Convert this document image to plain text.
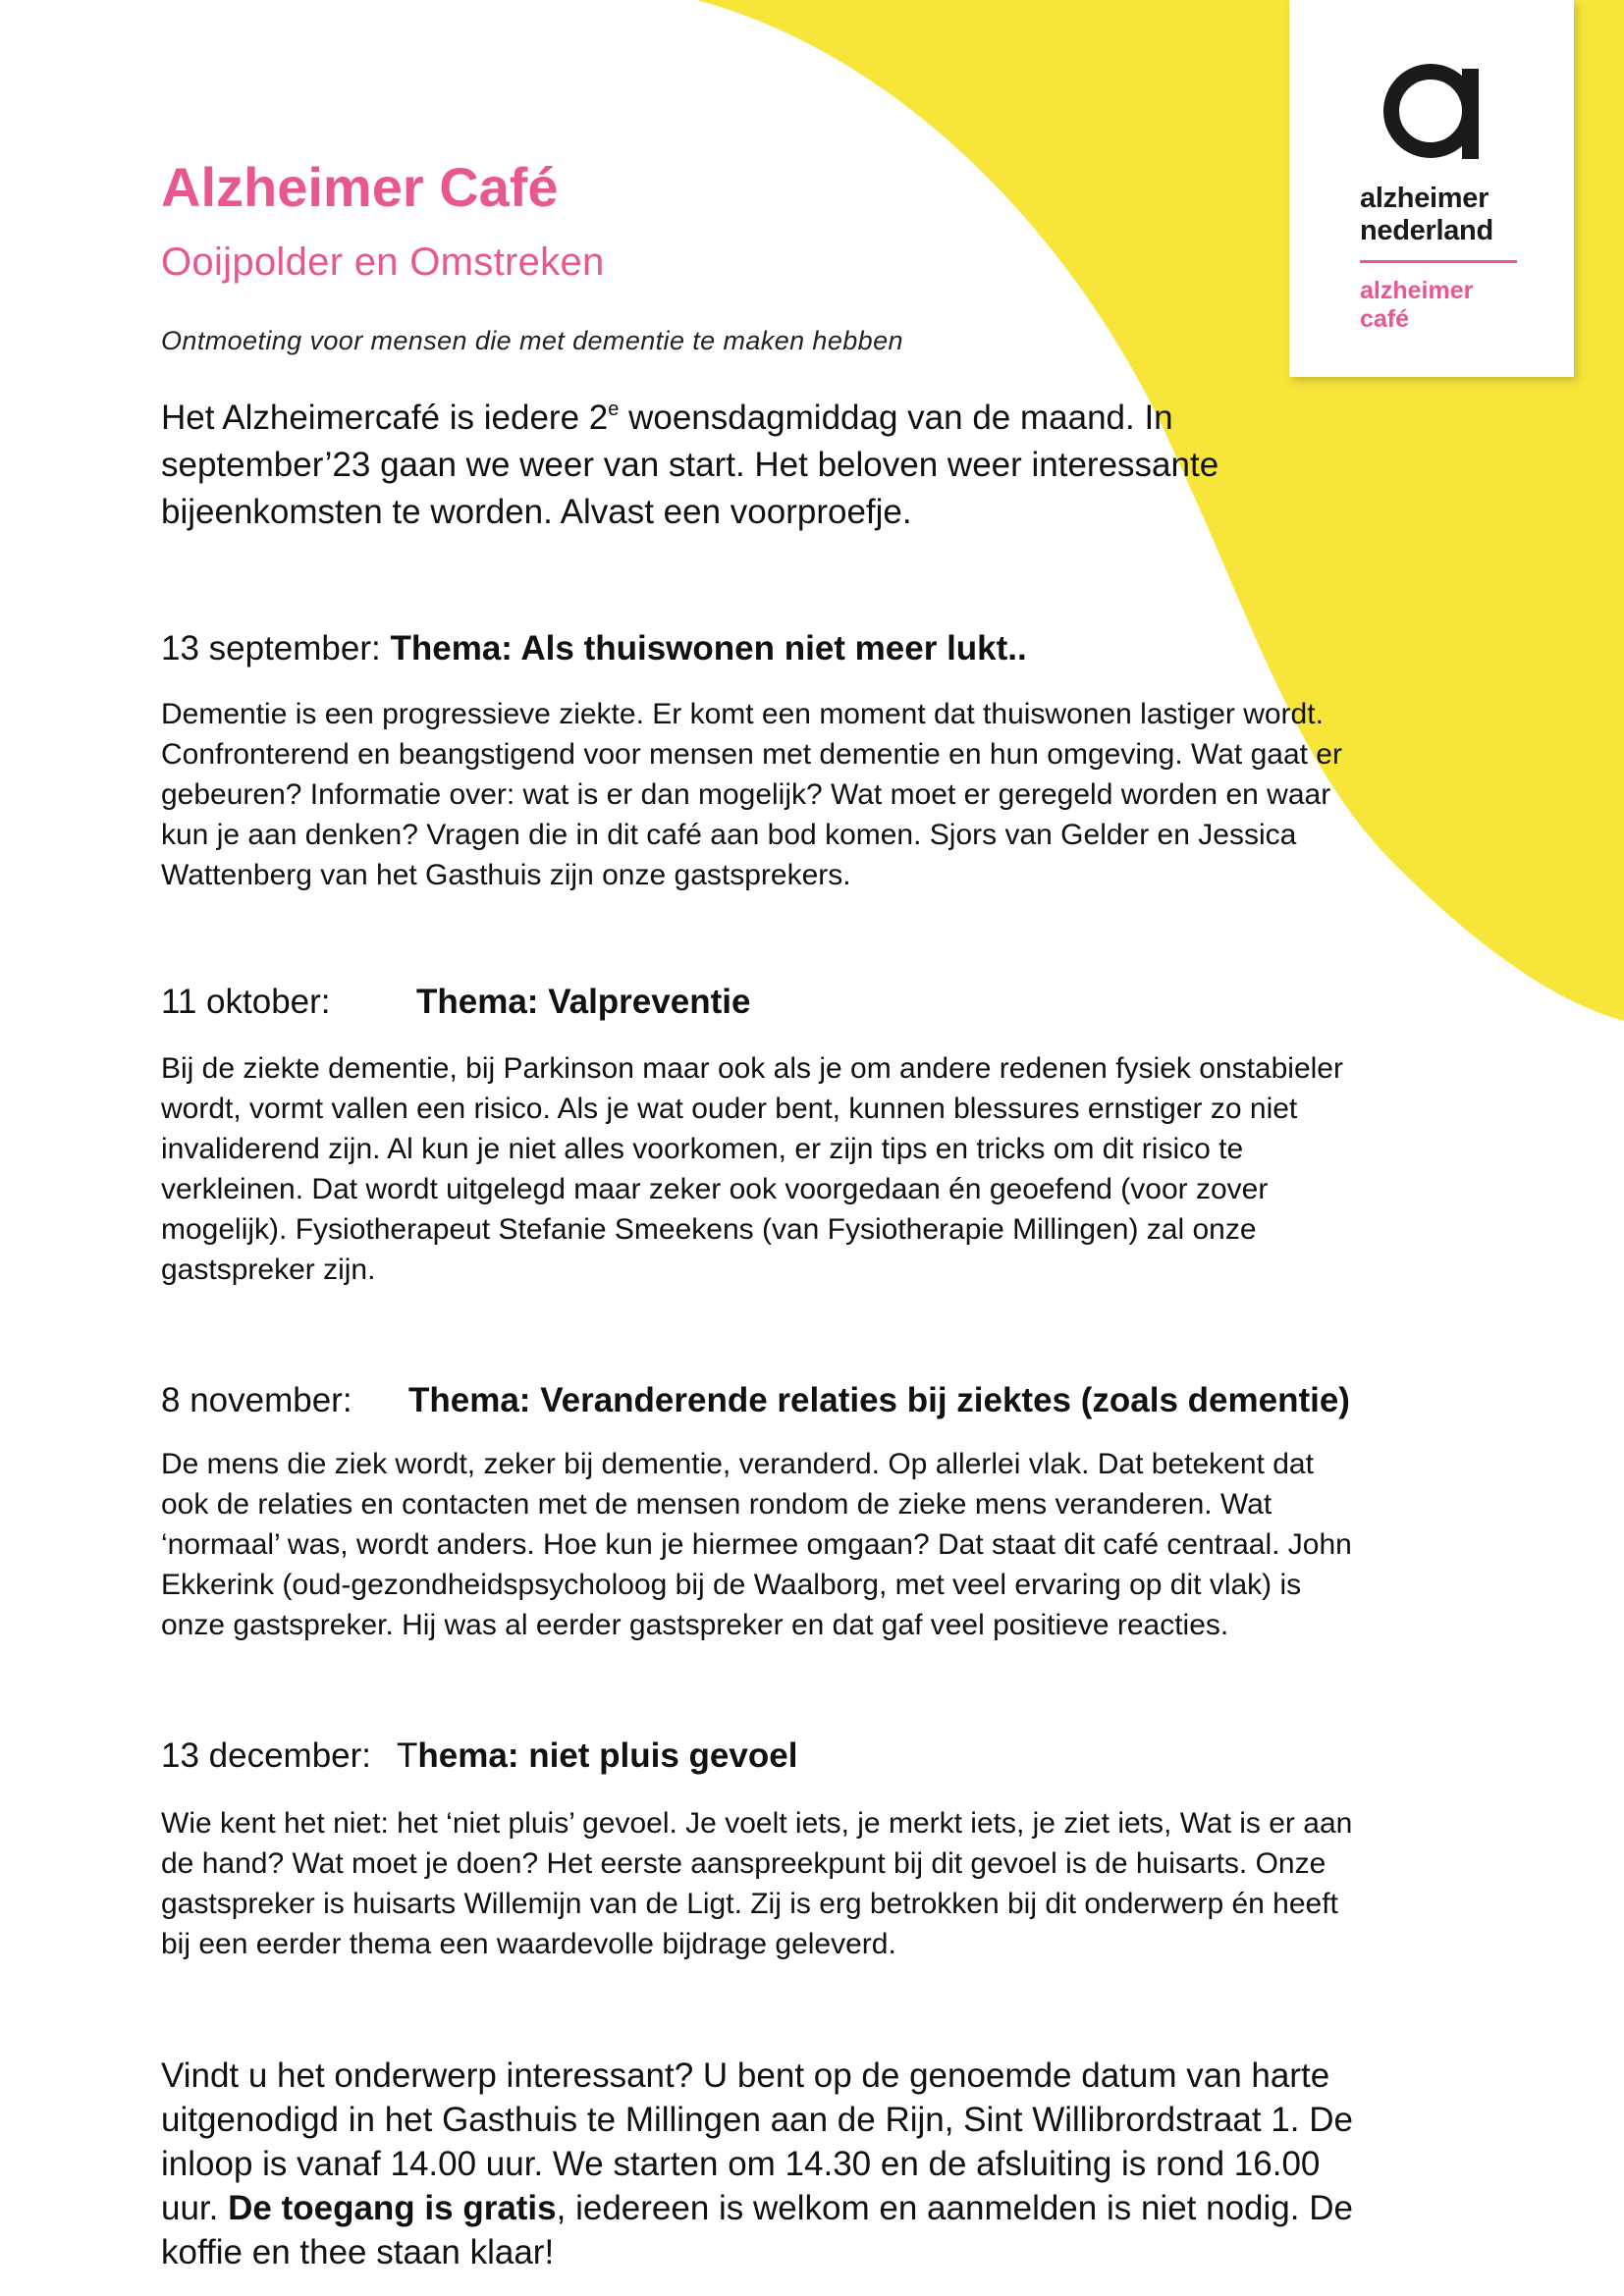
alzheimer
nederland
alzheimer
café
Alzheimer Café
Ooijpolder en Omstreken
Ontmoeting voor mensen die met dementie te maken hebben
Het Alzheimercafé is iedere 2e woensdagmiddag van de maand. In
september’23 gaan we weer van start. Het beloven weer interessante
bijeenkomsten te worden. Alvast een voorproefje.
13 september: Thema: Als thuiswonen niet meer lukt..
Dementie is een progressieve ziekte. Er komt een moment dat thuiswonen lastiger wordt.
Confronterend en beangstigend voor mensen met dementie en hun omgeving. Wat gaat er
gebeuren? Informatie over: wat is er dan mogelijk? Wat moet er geregeld worden en waar
kun je aan denken? Vragen die in dit café aan bod komen. Sjors van Gelder en Jessica
Wattenberg van het Gasthuis zijn onze gastsprekers.
11 oktober: Thema: Valpreventie
Bij de ziekte dementie, bij Parkinson maar ook als je om andere redenen fysiek onstabieler
wordt, vormt vallen een risico. Als je wat ouder bent, kunnen blessures ernstiger zo niet
invaliderend zijn. Al kun je niet alles voorkomen, er zijn tips en tricks om dit risico te
verkleinen. Dat wordt uitgelegd maar zeker ook voorgedaan én geoefend (voor zover
mogelijk). Fysiotherapeut Stefanie Smeekens (van Fysiotherapie Millingen) zal onze
gastspreker zijn.
8 november: Thema: Veranderende relaties bij ziektes (zoals dementie)
De mens die ziek wordt, zeker bij dementie, veranderd. Op allerlei vlak. Dat betekent dat
ook de relaties en contacten met de mensen rondom de zieke mens veranderen. Wat
‘normaal’ was, wordt anders. Hoe kun je hiermee omgaan? Dat staat dit café centraal. John
Ekkerink (oud-gezondheidspsycholoog bij de Waalborg, met veel ervaring op dit vlak) is
onze gastspreker. Hij was al eerder gastspreker en dat gaf veel positieve reacties.
13 december: Thema: niet pluis gevoel
Wie kent het niet: het ‘niet pluis’ gevoel. Je voelt iets, je merkt iets, je ziet iets, Wat is er aan
de hand? Wat moet je doen? Het eerste aanspreekpunt bij dit gevoel is de huisarts. Onze
gastspreker is huisarts Willemijn van de Ligt. Zij is erg betrokken bij dit onderwerp én heeft
bij een eerder thema een waardevolle bijdrage geleverd.
Vindt u het onderwerp interessant? U bent op de genoemde datum van harte
uitgenodigd in het Gasthuis te Millingen aan de Rijn, Sint Willibrordstraat 1. De
inloop is vanaf 14.00 uur. We starten om 14.30 en de afsluiting is rond 16.00
uur. De toegang is gratis, iedereen is welkom en aanmelden is niet nodig. De
koffie en thee staan klaar!
